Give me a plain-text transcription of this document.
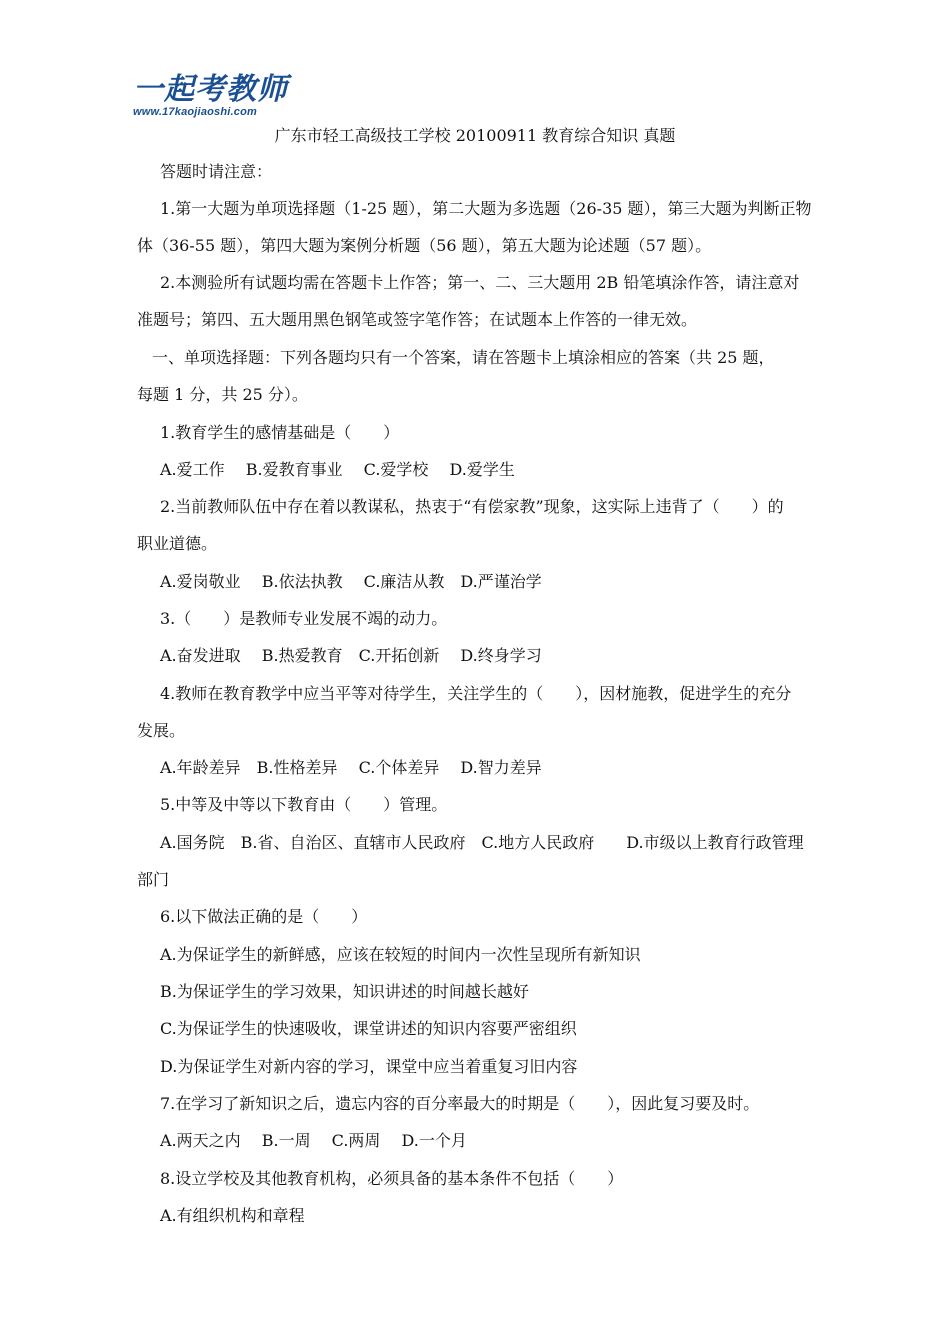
一起考教师
www.17kaojiaoshi.com
广东市轻工高级技工学校 20100911 教育综合知识 真题
答题时请注意：
1.第一大题为单项选择题（1-25 题），第二大题为多选题（26-35 题），第三大题为判断正物
体（36-55 题），第四大题为案例分析题（56 题），第五大题为论述题（57 题）。
2.本测验所有试题均需在答题卡上作答；第一、二、三大题用 2B 铅笔填涂作答，请注意对
准题号；第四、五大题用黑色钢笔或签字笔作答；在试题本上作答的一律无效。
一、单项选择题：下列各题均只有一个答案，请在答题卡上填涂相应的答案（共 25 题，
每题 1 分，共 25 分）。
1.教育学生的感情基础是（　　）
A.爱工作　 B.爱教育事业　 C.爱学校　 D.爱学生
2.当前教师队伍中存在着以教谋私，热衷于“有偿家教”现象，这实际上违背了（　　）的
职业道德。
A.爱岗敬业　 B.依法执教　 C.廉洁从教　D.严谨治学
3.（　　）是教师专业发展不竭的动力。
A.奋发进取　 B.热爱教育　C.开拓创新　 D.终身学习
4.教师在教育教学中应当平等对待学生，关注学生的（　　），因材施教，促进学生的充分
发展。
A.年龄差异　B.性格差异　 C.个体差异　 D.智力差异
5.中等及中等以下教育由（　　）管理。
A.国务院　B.省、自治区、直辖市人民政府　C.地方人民政府　　D.市级以上教育行政管理
部门
6.以下做法正确的是（　　）
A.为保证学生的新鲜感，应该在较短的时间内一次性呈现所有新知识
B.为保证学生的学习效果，知识讲述的时间越长越好
C.为保证学生的快速吸收，课堂讲述的知识内容要严密组织
D.为保证学生对新内容的学习，课堂中应当着重复习旧内容
7.在学习了新知识之后，遗忘内容的百分率最大的时期是（　　），因此复习要及时。
A.两天之内　 B.一周　 C.两周　 D.一个月
8.设立学校及其他教育机构，必须具备的基本条件不包括（　　）
A.有组织机构和章程
